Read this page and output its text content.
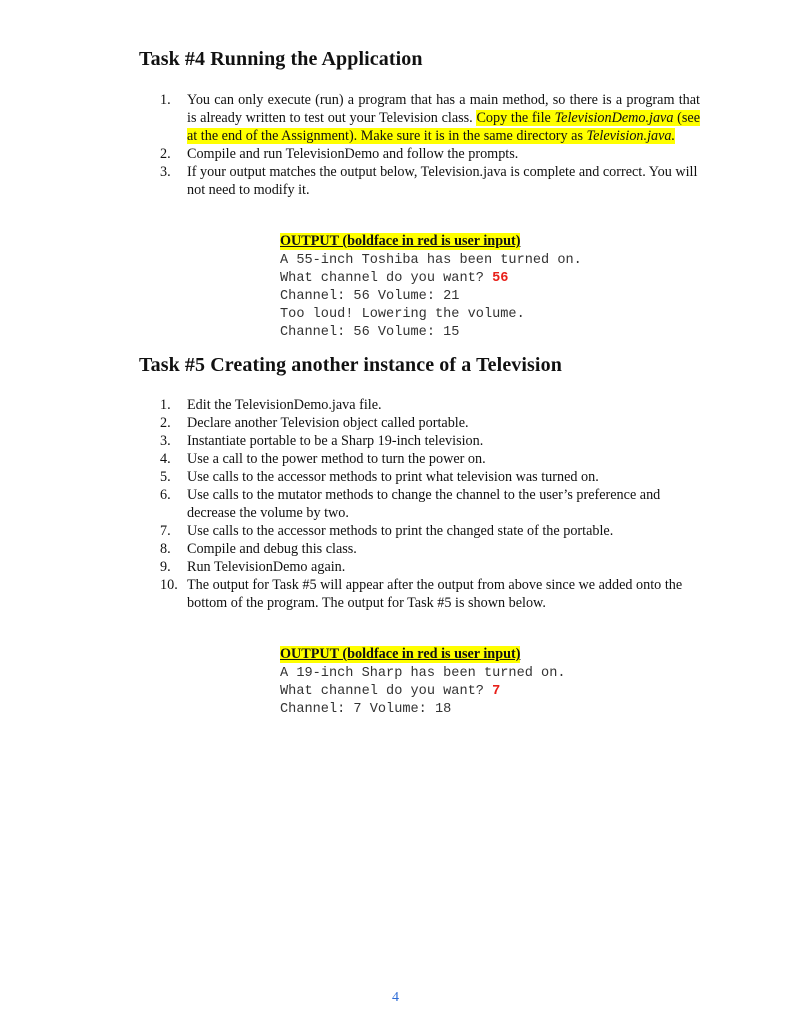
Task #4 Running the Application
1.	You can only execute (run) a program that has a main method, so there is a program that is already written to test out your Television class. Copy the file TelevisionDemo.java (see at the end of the Assignment). Make sure it is in the same directory as Television.java.
2.	Compile and run TelevisionDemo and follow the prompts.
3.	If your output matches the output below, Television.java is complete and correct. You will not need to modify it.
OUTPUT (boldface in red is user input)
A 55-inch Toshiba has been turned on.
What channel do you want? 56
Channel: 56 Volume: 21
Too loud! Lowering the volume.
Channel: 56 Volume: 15
Task #5 Creating another instance of a Television
1.	Edit the TelevisionDemo.java file.
2.	Declare another Television object called portable.
3.	Instantiate portable to be a Sharp 19-inch television.
4.	Use a call to the power method to turn the power on.
5.	Use calls to the accessor methods to print what television was turned on.
6.	Use calls to the mutator methods to change the channel to the user’s preference and decrease the volume by two.
7.	Use calls to the accessor methods to print the changed state of the portable.
8.	Compile and debug this class.
9.	Run TelevisionDemo again.
10. The output for Task #5 will appear after the output from above since we added onto the bottom of the program. The output for Task #5 is shown below.
OUTPUT (boldface in red is user input)
A 19-inch Sharp has been turned on.
What channel do you want? 7
Channel: 7 Volume: 18
4
